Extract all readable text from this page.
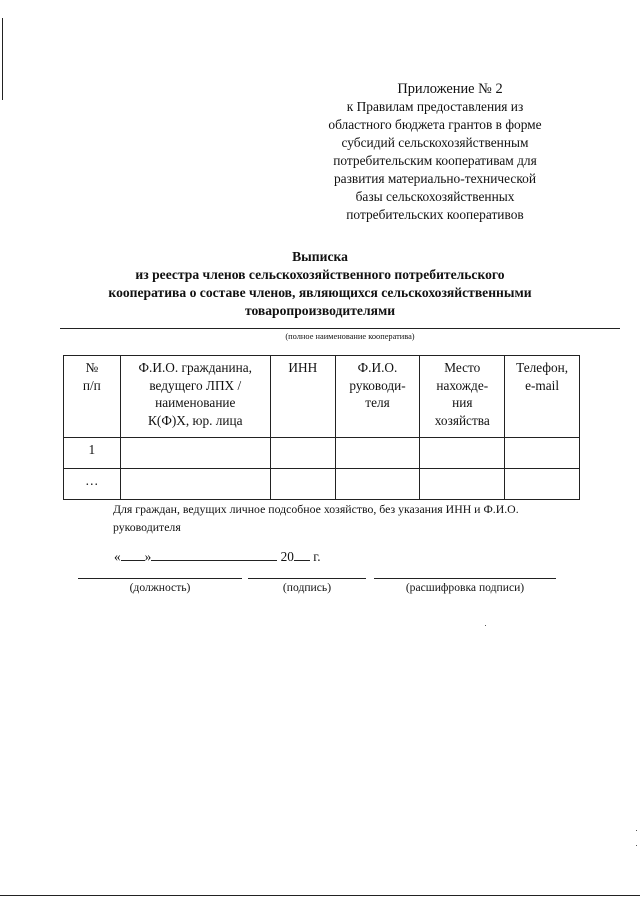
Приложение № 2
к Правилам предоставления из
областного бюджета грантов в форме
субсидий сельскохозяйственным
потребительским кооперативам для
развития материально-технической
базы сельскохозяйственных
потребительских кооперативов
Выписка
из реестра членов сельскохозяйственного потребительского
кооператива о составе членов, являющихся сельскохозяйственными
товаропроизводителями
(полное наименование кооператива)
№
п/п	Ф.И.О. гражданина,
ведущего ЛПХ /
наименование
К(Ф)Х, юр. лица	ИНН	Ф.И.О.
руководи-
теля	Место
нахожде-
ния
хозяйства	Телефон,
e-mail
1					
…					
Для граждан, ведущих личное подсобное хозяйство, без указания ИНН и Ф.И.О. руководителя
« »	20 г.
(должность)	(подпись)	(расшифровка подписи)
